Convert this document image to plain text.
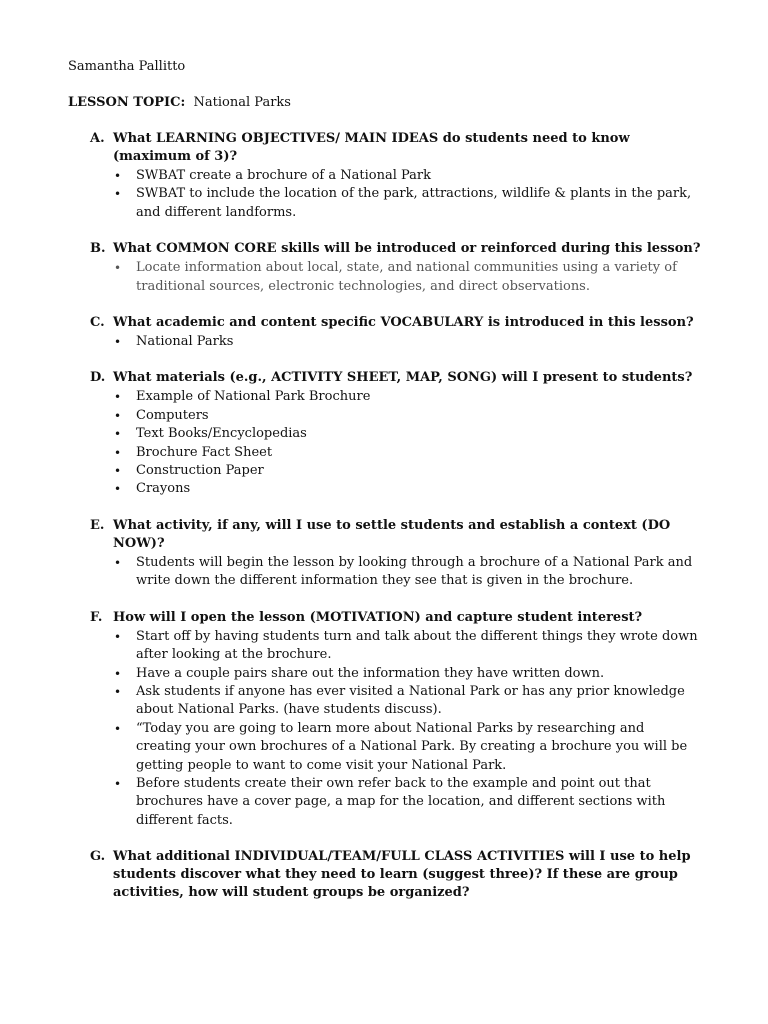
Samantha Pallitto

LESSON TOPIC: National Parks

A. What LEARNING OBJECTIVES/ MAIN IDEAS do students need to know (maximum of 3)?
• SWBAT create a brochure of a National Park
• SWBAT to include the location of the park, attractions, wildlife & plants in the park, and different landforms.
B. What COMMON CORE skills will be introduced or reinforced during this lesson?
• Locate information about local, state, and national communities using a variety of traditional sources, electronic technologies, and direct observations.
C. What academic and content specific VOCABULARY is introduced in this lesson?
• National Parks
D. What materials (e.g., ACTIVITY SHEET, MAP, SONG) will I present to students?
• Example of National Park Brochure
• Computers
• Text Books/Encyclopedias
• Brochure Fact Sheet
• Construction Paper
• Crayons
E. What activity, if any, will I use to settle students and establish a context (DO NOW)?
• Students will begin the lesson by looking through a brochure of a National Park and write down the different information they see that is given in the brochure.
F. How will I open the lesson (MOTIVATION) and capture student interest?
• Start off by having students turn and talk about the different things they wrote down after looking at the brochure.
• Have a couple pairs share out the information they have written down.
• Ask students if anyone has ever visited a National Park or has any prior knowledge about National Parks. (have students discuss).
• “Today you are going to learn more about National Parks by researching and creating your own brochures of a National Park. By creating a brochure you will be getting people to want to come visit your National Park.
• Before students create their own refer back to the example and point out that brochures have a cover page, a map for the location, and different sections with different facts.
G. What additional INDIVIDUAL/TEAM/FULL CLASS ACTIVITIES will I use to help students discover what they need to learn (suggest three)? If these are group activities, how will student groups be organized?
